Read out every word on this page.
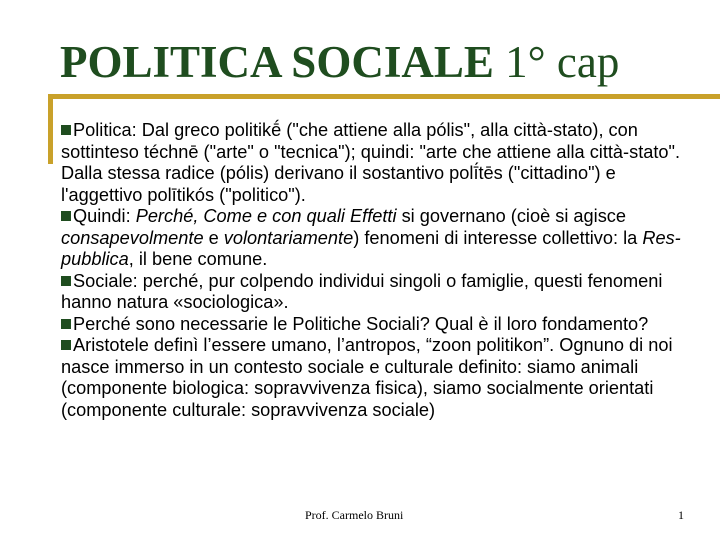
POLITICA SOCIALE 1° cap

Politica: Dal greco politikḗ ("che attiene alla pólis", alla città-stato), con sottinteso téchnē ("arte" o "tecnica"); quindi: "arte che attiene alla città-stato". Dalla stessa radice (pólis) derivano il sostantivo polī́tēs ("cittadino") e l'aggettivo polītikós ("politico").

Quindi: Perché, Come e con quali Effetti si governano (cioè si agisce consapevolmente e volontariamente) fenomeni di interesse collettivo: la Res-pubblica, il bene comune.

Sociale: perché, pur colpendo individui singoli o famiglie, questi fenomeni hanno natura «sociologica».

Perché sono necessarie le Politiche Sociali? Qual è il loro fondamento?

Aristotele definì l’essere umano, l’antropos, “zoon politikon”. Ognuno di noi nasce immerso in un contesto sociale e culturale definito: siamo animali (componente biologica: sopravvivenza fisica), siamo socialmente orientati (componente culturale: sopravvivenza sociale)

Prof. Carmelo Bruni	1
